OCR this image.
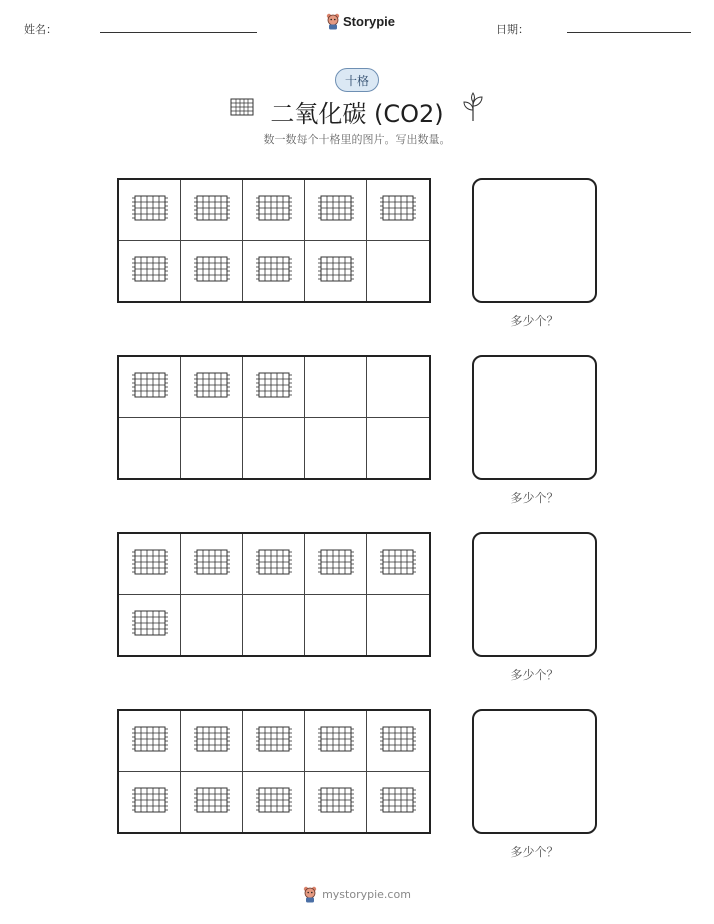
姓名：
Storypie
日期：
十格
二氧化碳 (CO2)
数一数每个十格里的图片。写出数量。
多少个？
多少个？
多少个？
多少个？
mystorypie.com
